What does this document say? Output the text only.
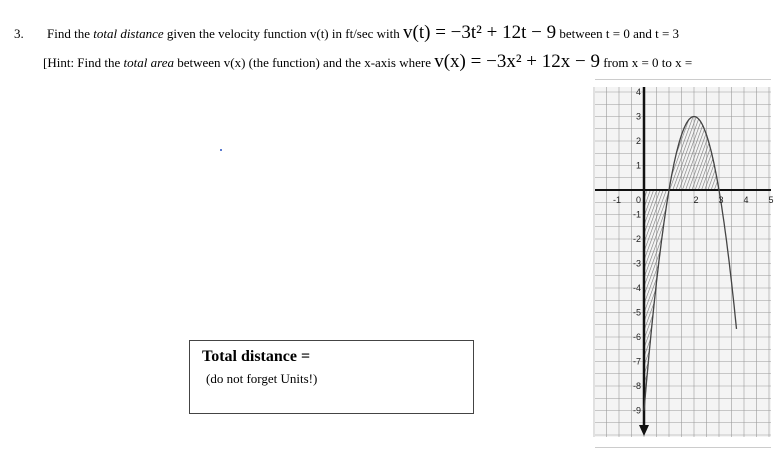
3. Find the total distance given the velocity function v(t) in ft/sec with v(t) = −3t² + 12t − 9 between t = 0 and t = 3
[Hint: Find the total area between v(x) (the function) and the x-axis where v(x) = −3x² + 12x − 9 from x = 0 to x =
Total distance =
(do not forget Units!)
4
3
2
1
-1
-2
-3
-4
-5
-6
-7
-8
-9
-1 0	2 3 4 5
